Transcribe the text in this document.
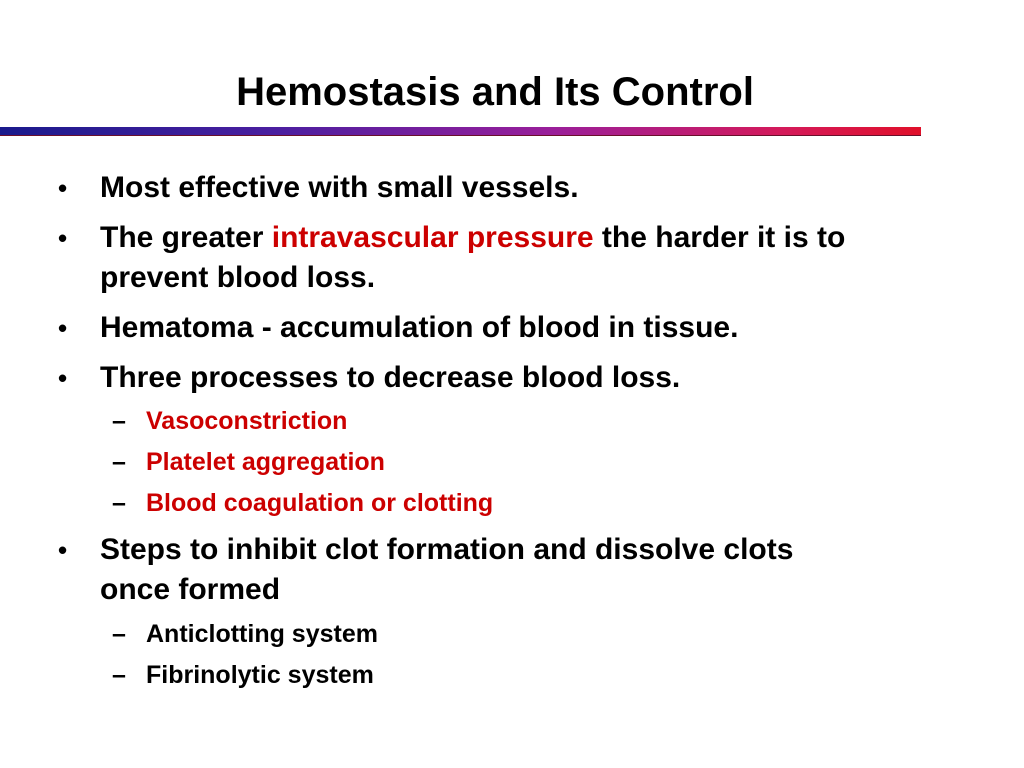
Hemostasis and Its Control
• Most effective with small vessels.
• The greater intravascular pressure the harder it is to
prevent blood loss.
• Hematoma - accumulation of blood in tissue.
• Three processes to decrease blood loss.
– Vasoconstriction
– Platelet aggregation
– Blood coagulation or clotting
• Steps to inhibit clot formation and dissolve clots
once formed
– Anticlotting system
– Fibrinolytic system
